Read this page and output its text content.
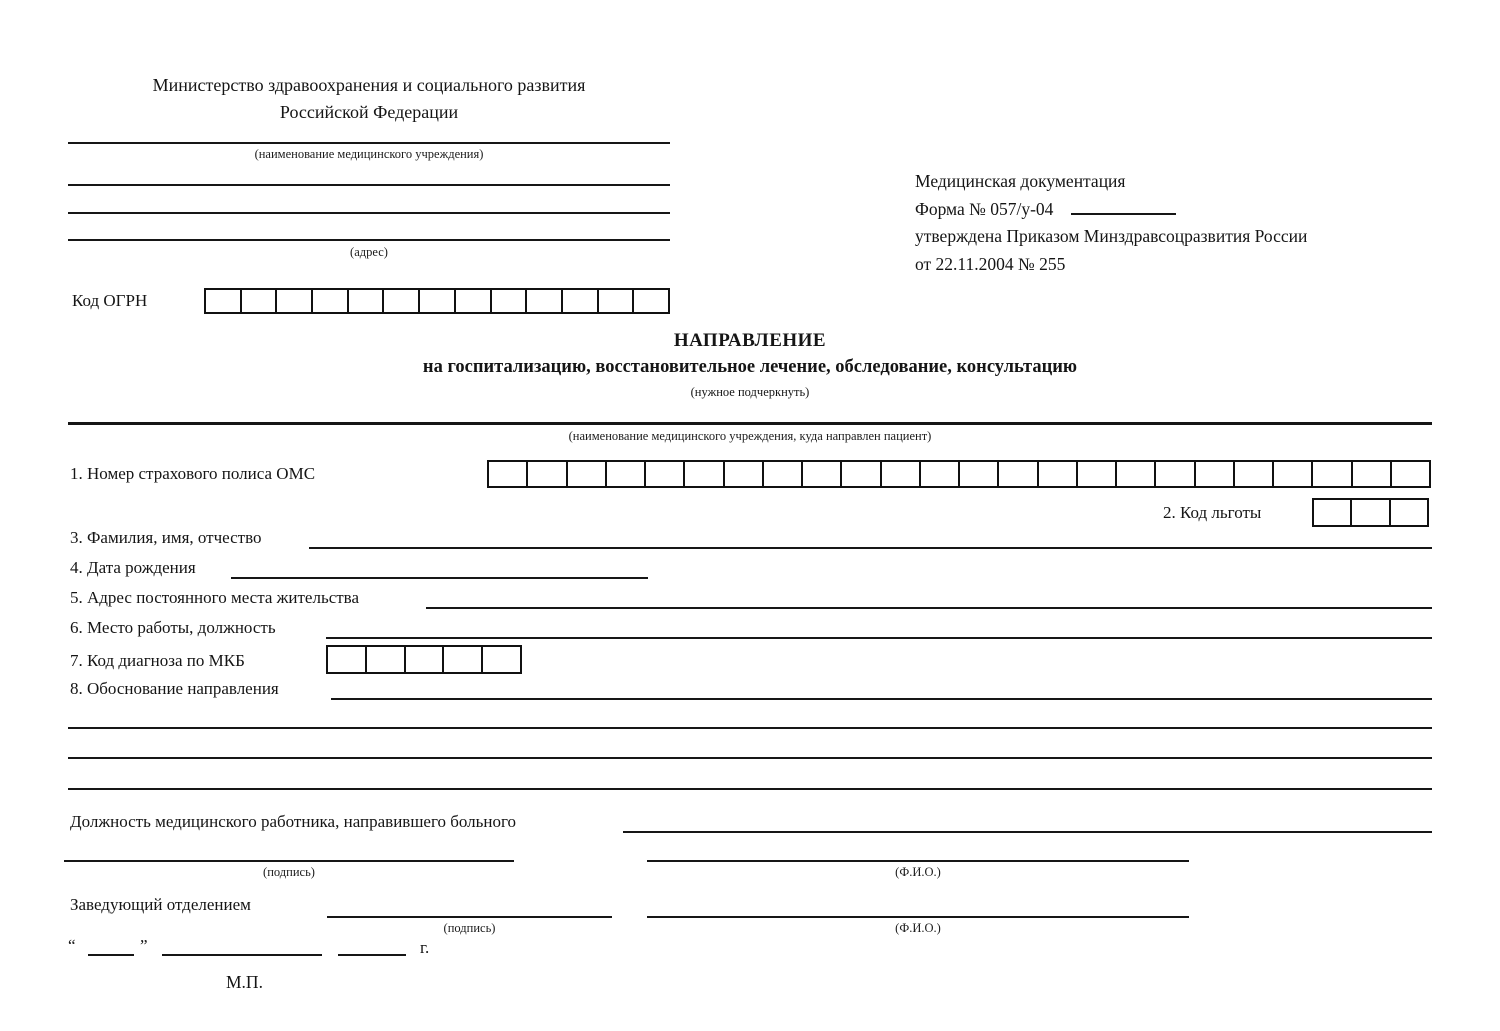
Министерство здравоохранения и социального развития
Российской Федерации
(наименование медицинского учреждения)
(адрес)
Медицинская документация
Форма № 057/у-04
утверждена Приказом Минздравсоцразвития России
от 22.11.2004 № 255
Код ОГРН
НАПРАВЛЕНИЕ
на госпитализацию, восстановительное лечение, обследование, консультацию
(нужное подчеркнуть)
(наименование медицинского учреждения, куда направлен пациент)
1. Номер страхового полиса ОМС
2. Код льготы
3. Фамилия, имя, отчество
4. Дата рождения
5. Адрес постоянного места жительства
6. Место работы, должность
7. Код диагноза по МКБ
8. Обоснование направления
Должность медицинского работника, направившего больного
(подпись)	(Ф.И.О.)
Заведующий отделением
(подпись)	(Ф.И.О.)
“	”	г.
М.П.
